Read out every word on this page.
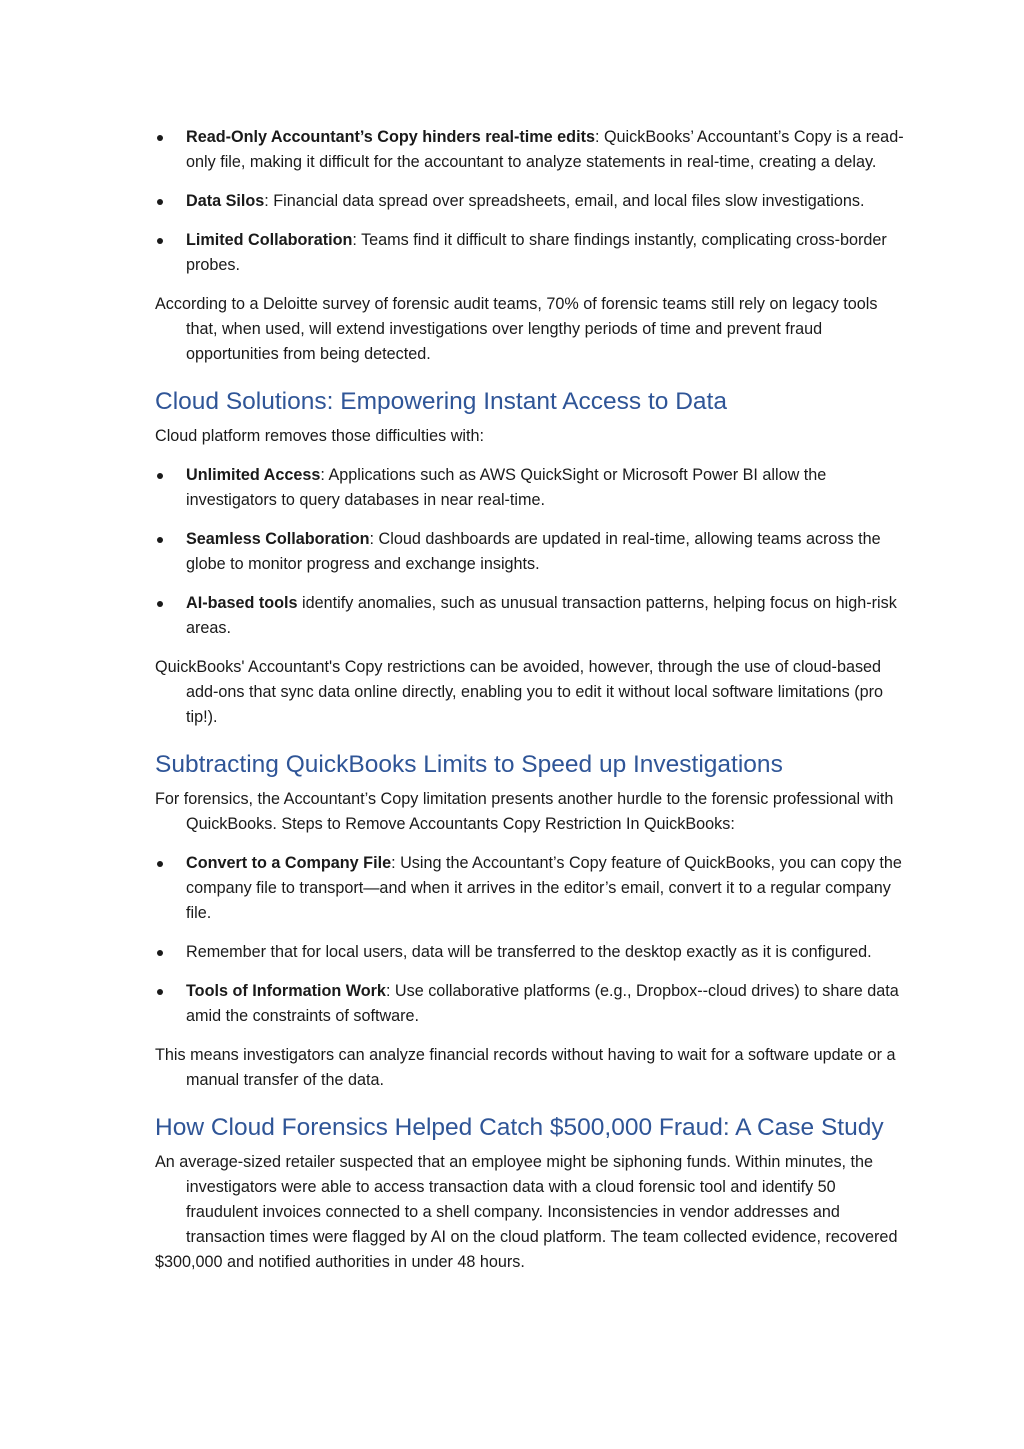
Read-Only Accountant’s Copy hinders real-time edits: QuickBooks’ Accountant’s Copy is a read-only file, making it difficult for the accountant to analyze statements in real-time, creating a delay.
Data Silos: Financial data spread over spreadsheets, email, and local files slow investigations.
Limited Collaboration: Teams find it difficult to share findings instantly, complicating cross-border probes.

According to a Deloitte survey of forensic audit teams, 70% of forensic teams still rely on legacy tools that, when used, will extend investigations over lengthy periods of time and prevent fraud opportunities from being detected.

Cloud Solutions: Empowering Instant Access to Data

Cloud platform removes those difficulties with:

Unlimited Access: Applications such as AWS QuickSight or Microsoft Power BI allow the investigators to query databases in near real-time.
Seamless Collaboration: Cloud dashboards are updated in real-time, allowing teams across the globe to monitor progress and exchange insights.
AI-based tools identify anomalies, such as unusual transaction patterns, helping focus on high-risk areas.

QuickBooks' Accountant's Copy restrictions can be avoided, however, through the use of cloud-based add-ons that sync data online directly, enabling you to edit it without local software limitations (pro tip!).

Subtracting QuickBooks Limits to Speed up Investigations

For forensics, the Accountant’s Copy limitation presents another hurdle to the forensic professional with QuickBooks. Steps to Remove Accountants Copy Restriction In QuickBooks:

Convert to a Company File: Using the Accountant’s Copy feature of QuickBooks, you can copy the company file to transport—and when it arrives in the editor’s email, convert it to a regular company file.
Remember that for local users, data will be transferred to the desktop exactly as it is configured.
Tools of Information Work: Use collaborative platforms (e.g., Dropbox--cloud drives) to share data amid the constraints of software.

This means investigators can analyze financial records without having to wait for a software update or a manual transfer of the data.

How Cloud Forensics Helped Catch $500,000 Fraud: A Case Study

An average-sized retailer suspected that an employee might be siphoning funds. Within minutes, the investigators were able to access transaction data with a cloud forensic tool and identify 50 fraudulent invoices connected to a shell company. Inconsistencies in vendor addresses and transaction times were flagged by AI on the cloud platform. The team collected evidence, recovered

$300,000 and notified authorities in under 48 hours.
